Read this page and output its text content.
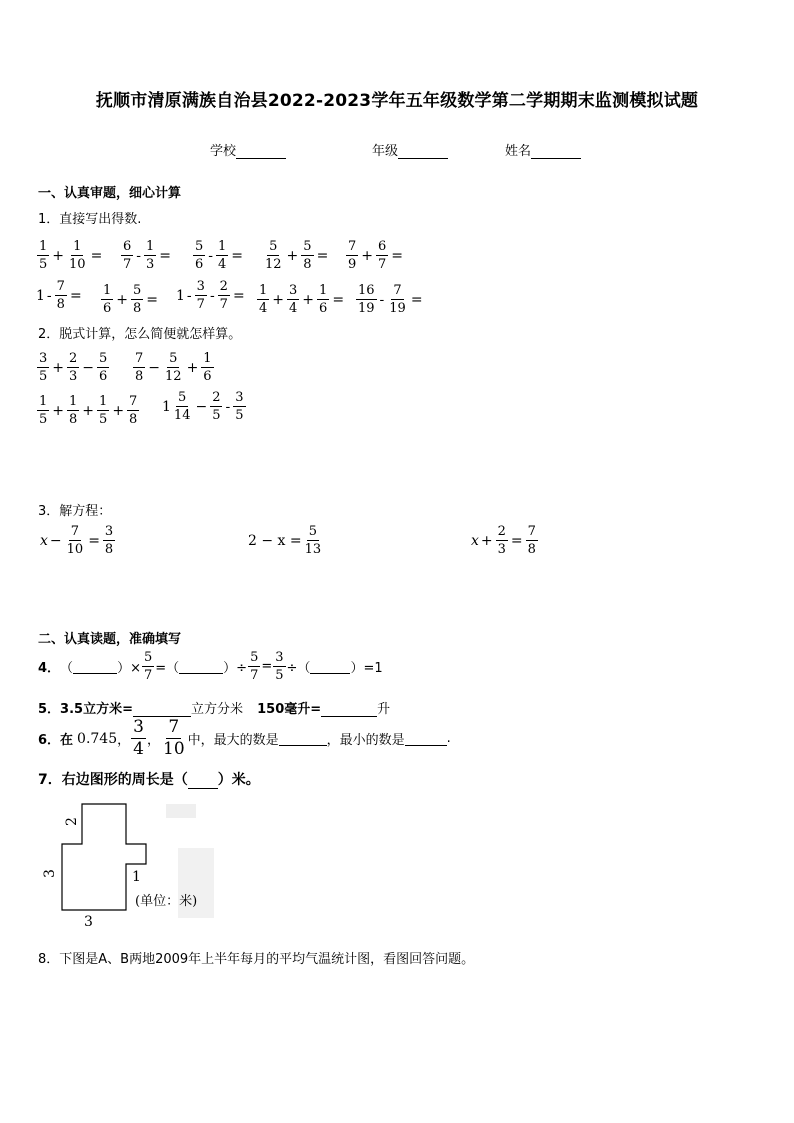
抚顺市清原满族自治县2022-2023学年五年级数学第二学期期末监测模拟试题
学校	年级	姓名
一、认真审题，细心计算
1．直接写出得数.
$\frac{1}{5} + \frac{1}{10} = \frac{6}{7} - \frac{1}{3} = \frac{5}{6} - \frac{1}{4} = \frac{5}{12} + \frac{5}{8} = \frac{7}{9} + \frac{6}{7}$ =
$1 - \frac{7}{8} = \frac{1}{6} + \frac{5}{8} = 1 - \frac{3}{7} - \frac{2}{7} = \frac{1}{4} + \frac{3}{4} + \frac{1}{6} = \frac{16}{19} - \frac{7}{19}$ =
2．脱式计算，怎么简便就怎样算。
$\frac{3}{5} + \frac{2}{3} - \frac{5}{6} \frac{7}{8} - \frac{5}{12} + \frac{1}{6}$
$\frac{1}{5} + \frac{1}{8} + \frac{1}{5} + \frac{7}{8} 1 \frac{5}{14} - \frac{2}{5} - \frac{3}{5}$
3．解方程：
$x - \frac{7}{10} = \frac{3}{8}$	$2 - x = \frac{5}{13}$	$x + \frac{2}{3} = \frac{7}{8}$
二、认真读题，准确填写
4． （	）× $\frac{5}{7}$ =（	）÷ $\frac{5}{7} = \frac{3}{5}$ ÷（	）=1
5．3.5立方米=	立方分米 150毫升=	升
6．在 0.745 ， $\frac{3}{4}$ ， $\frac{7}{10}$ 中，最大的数是	，最小的数是	.
7．右边图形的周长是（ ）米。
2
3	1
3
(单位：米)
8．下图是A、B两地2009年上半年每月的平均气温统计图，看图回答问题。
